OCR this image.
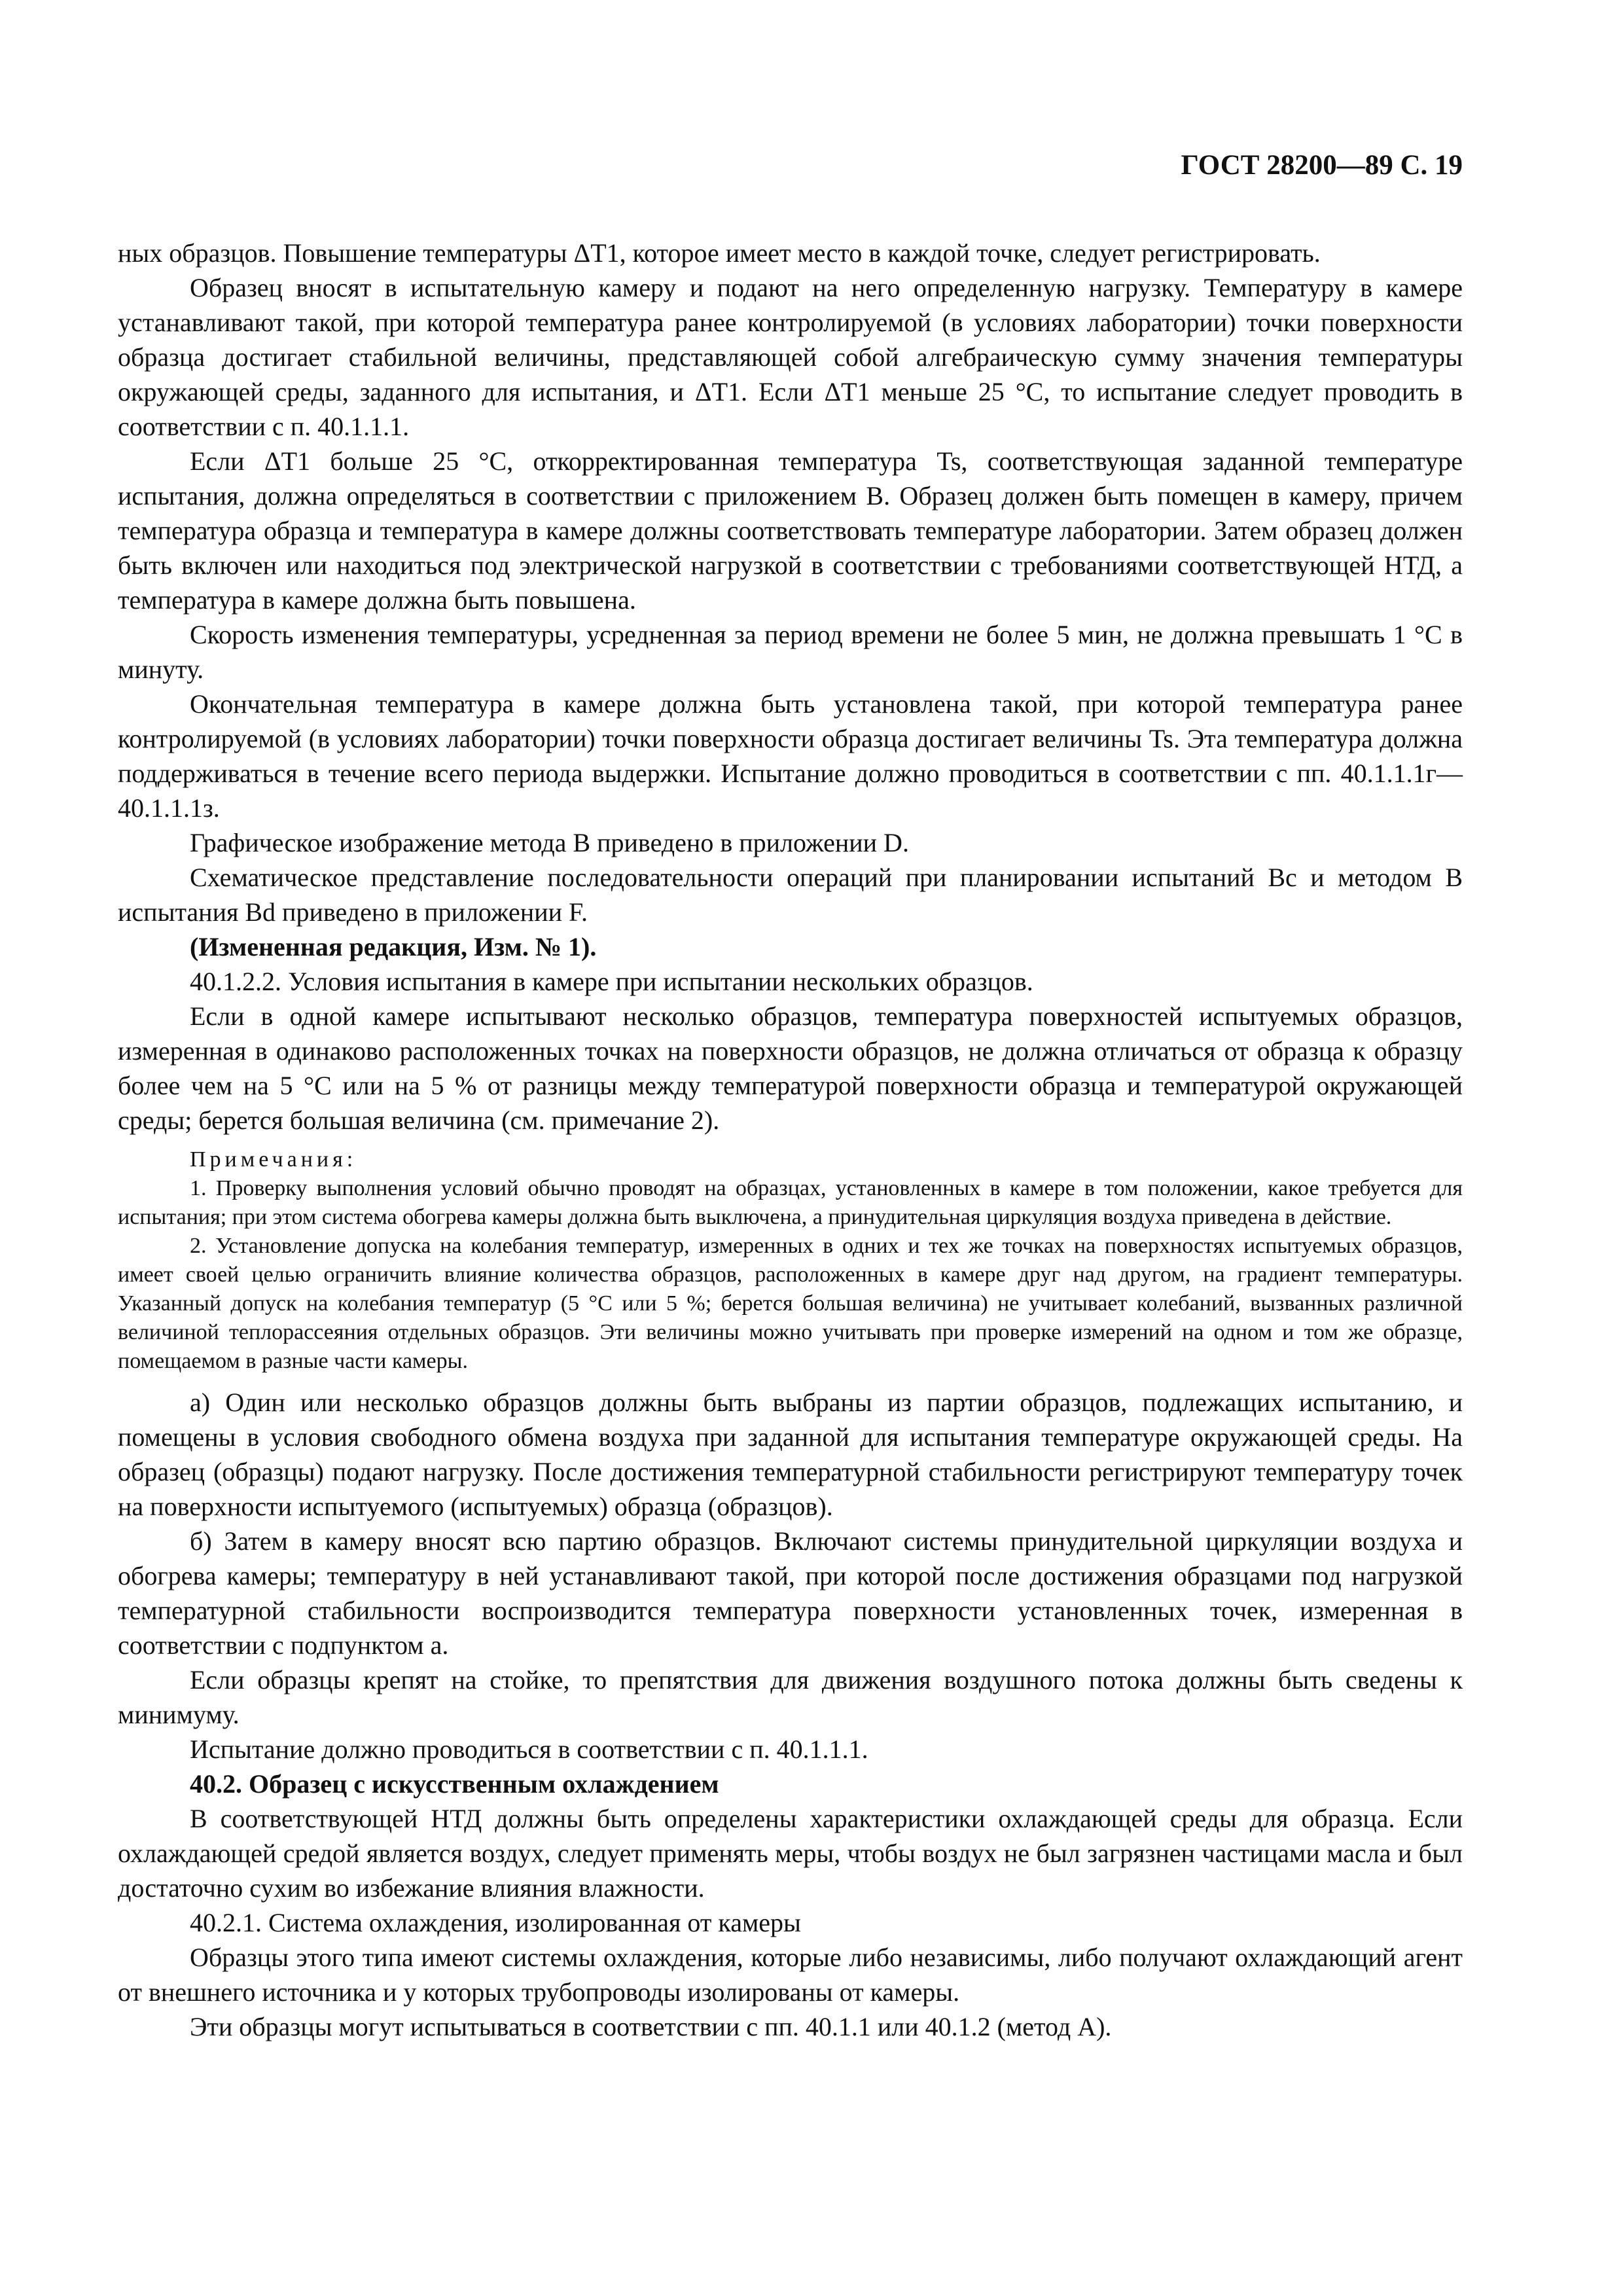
ГОСТ 28200—89 С. 19

ных образцов. Повышение температуры ΔT1, которое имеет место в каждой точке, следует регистрировать.

Образец вносят в испытательную камеру и подают на него определенную нагрузку. Температуру в камере устанавливают такой, при которой температура ранее контролируемой (в условиях лаборатории) точки поверхности образца достигает стабильной величины, представляющей собой алгебраическую сумму значения температуры окружающей среды, заданного для испытания, и ΔT1. Если ΔT1 меньше 25 °С, то испытание следует проводить в соответствии с п. 40.1.1.1.

Если ΔT1 больше 25 °С, откорректированная температура Ts, соответствующая заданной температуре испытания, должна определяться в соответствии с приложением В. Образец должен быть помещен в камеру, причем температура образца и температура в камере должны соответствовать температуре лаборатории. Затем образец должен быть включен или находиться под электрической нагрузкой в соответствии с требованиями соответствующей НТД, а температура в камере должна быть повышена.

Скорость изменения температуры, усредненная за период времени не более 5 мин, не должна превышать 1 °С в минуту.

Окончательная температура в камере должна быть установлена такой, при которой температура ранее контролируемой (в условиях лаборатории) точки поверхности образца достигает величины Ts. Эта температура должна поддерживаться в течение всего периода выдержки. Испытание должно проводиться в соответствии с пп. 40.1.1.1г—40.1.1.1з.

Графическое изображение метода В приведено в приложении D.

Схематическое представление последовательности операций при планировании испытаний Вс и методом В испытания Bd приведено в приложении F.

(Измененная редакция, Изм. № 1).

40.1.2.2. Условия испытания в камере при испытании нескольких образцов.

Если в одной камере испытывают несколько образцов, температура поверхностей испытуемых образцов, измеренная в одинаково расположенных точках на поверхности образцов, не должна отличаться от образца к образцу более чем на 5 °С или на 5 % от разницы между температурой поверхности образца и температурой окружающей среды; берется большая величина (см. примечание 2).

Примечания:

1. Проверку выполнения условий обычно проводят на образцах, установленных в камере в том положении, какое требуется для испытания; при этом система обогрева камеры должна быть выключена, а принудительная циркуляция воздуха приведена в действие.

2. Установление допуска на колебания температур, измеренных в одних и тех же точках на поверхностях испытуемых образцов, имеет своей целью ограничить влияние количества образцов, расположенных в камере друг над другом, на градиент температуры. Указанный допуск на колебания температур (5 °С или 5 %; берется большая величина) не учитывает колебаний, вызванных различной величиной теплорассеяния отдельных образцов. Эти величины можно учитывать при проверке измерений на одном и том же образце, помещаемом в разные части камеры.

а) Один или несколько образцов должны быть выбраны из партии образцов, подлежащих испытанию, и помещены в условия свободного обмена воздуха при заданной для испытания температуре окружающей среды. На образец (образцы) подают нагрузку. После достижения температурной стабильности регистрируют температуру точек на поверхности испытуемого (испытуемых) образца (образцов).

б) Затем в камеру вносят всю партию образцов. Включают системы принудительной циркуляции воздуха и обогрева камеры; температуру в ней устанавливают такой, при которой после достижения образцами под нагрузкой температурной стабильности воспроизводится температура поверхности установленных точек, измеренная в соответствии с подпунктом а.

Если образцы крепят на стойке, то препятствия для движения воздушного потока должны быть сведены к минимуму.

Испытание должно проводиться в соответствии с п. 40.1.1.1.

40.2. Образец с искусственным охлаждением

В соответствующей НТД должны быть определены характеристики охлаждающей среды для образца. Если охлаждающей средой является воздух, следует применять меры, чтобы воздух не был загрязнен частицами масла и был достаточно сухим во избежание влияния влажности.

40.2.1. Система охлаждения, изолированная от камеры

Образцы этого типа имеют системы охлаждения, которые либо независимы, либо получают охлаждающий агент от внешнего источника и у которых трубопроводы изолированы от камеры.

Эти образцы могут испытываться в соответствии с пп. 40.1.1 или 40.1.2 (метод А).
